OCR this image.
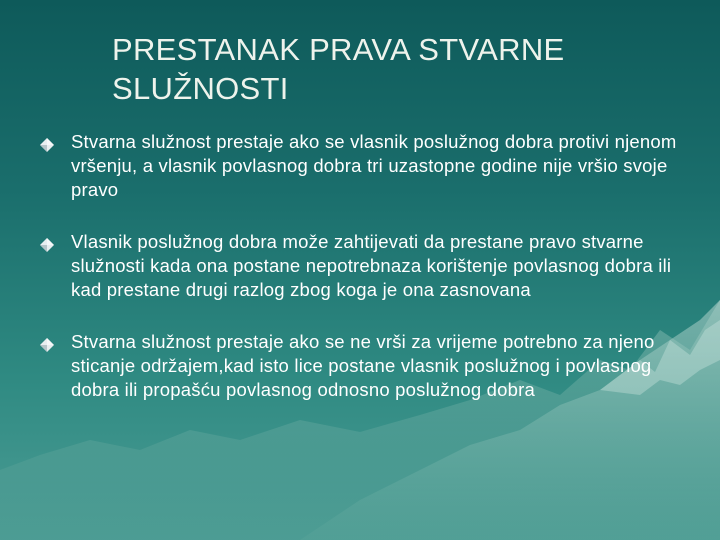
PRESTANAK PRAVA STVARNE SLUŽNOSTI
Stvarna služnost prestaje ako se vlasnik poslužnog dobra protivi njenom vršenju, a vlasnik povlasnog dobra tri uzastopne godine nije vršio svoje pravo
Vlasnik poslužnog dobra može zahtijevati da prestane pravo stvarne služnosti kada ona postane nepotrebnaza korištenje povlasnog dobra ili kad prestane drugi razlog zbog koga je ona zasnovana
Stvarna služnost prestaje ako se ne vrši za vrijeme potrebno za njeno sticanje održajem,kad isto lice postane vlasnik poslužnog i povlasnog dobra ili propašću povlasnog odnosno poslužnog dobra
